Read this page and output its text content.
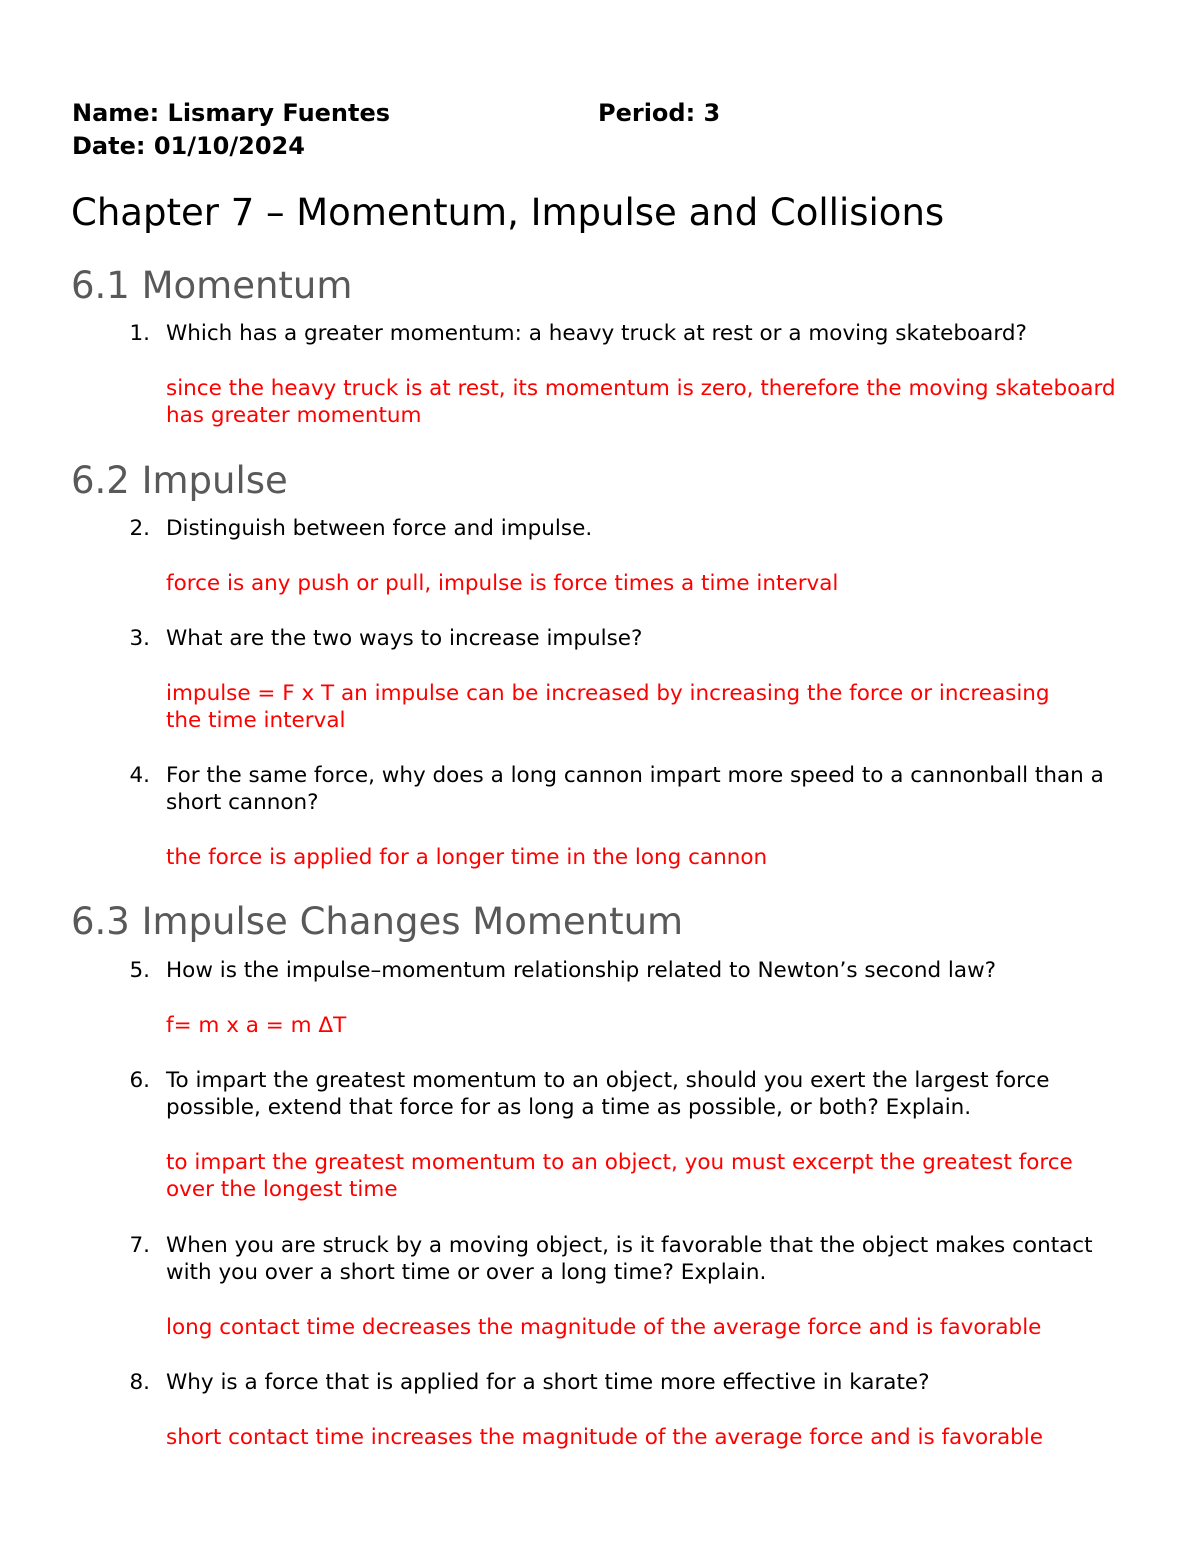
Name: Lismary Fuentes	Period: 3
Date: 01/10/2024
Chapter 7 – Momentum, Impulse and Collisions
6.1 Momentum
1. Which has a greater momentum: a heavy truck at rest or a moving skateboard?
since the heavy truck is at rest, its momentum is zero, therefore the moving skateboard has greater momentum
6.2 Impulse
2. Distinguish between force and impulse.
force is any push or pull, impulse is force times a time interval
3. What are the two ways to increase impulse?
impulse = F x T an impulse can be increased by increasing the force or increasing the time interval
4. For the same force, why does a long cannon impart more speed to a cannonball than a short cannon?
the force is applied for a longer time in the long cannon
6.3 Impulse Changes Momentum
5. How is the impulse–momentum relationship related to Newton’s second law?
f= m x a = m ΔT
6. To impart the greatest momentum to an object, should you exert the largest force possible, extend that force for as long a time as possible, or both? Explain.
to impart the greatest momentum to an object, you must excerpt the greatest force over the longest time
7. When you are struck by a moving object, is it favorable that the object makes contact with you over a short time or over a long time? Explain.
long contact time decreases the magnitude of the average force and is favorable
8. Why is a force that is applied for a short time more effective in karate?
short contact time increases the magnitude of the average force and is favorable
